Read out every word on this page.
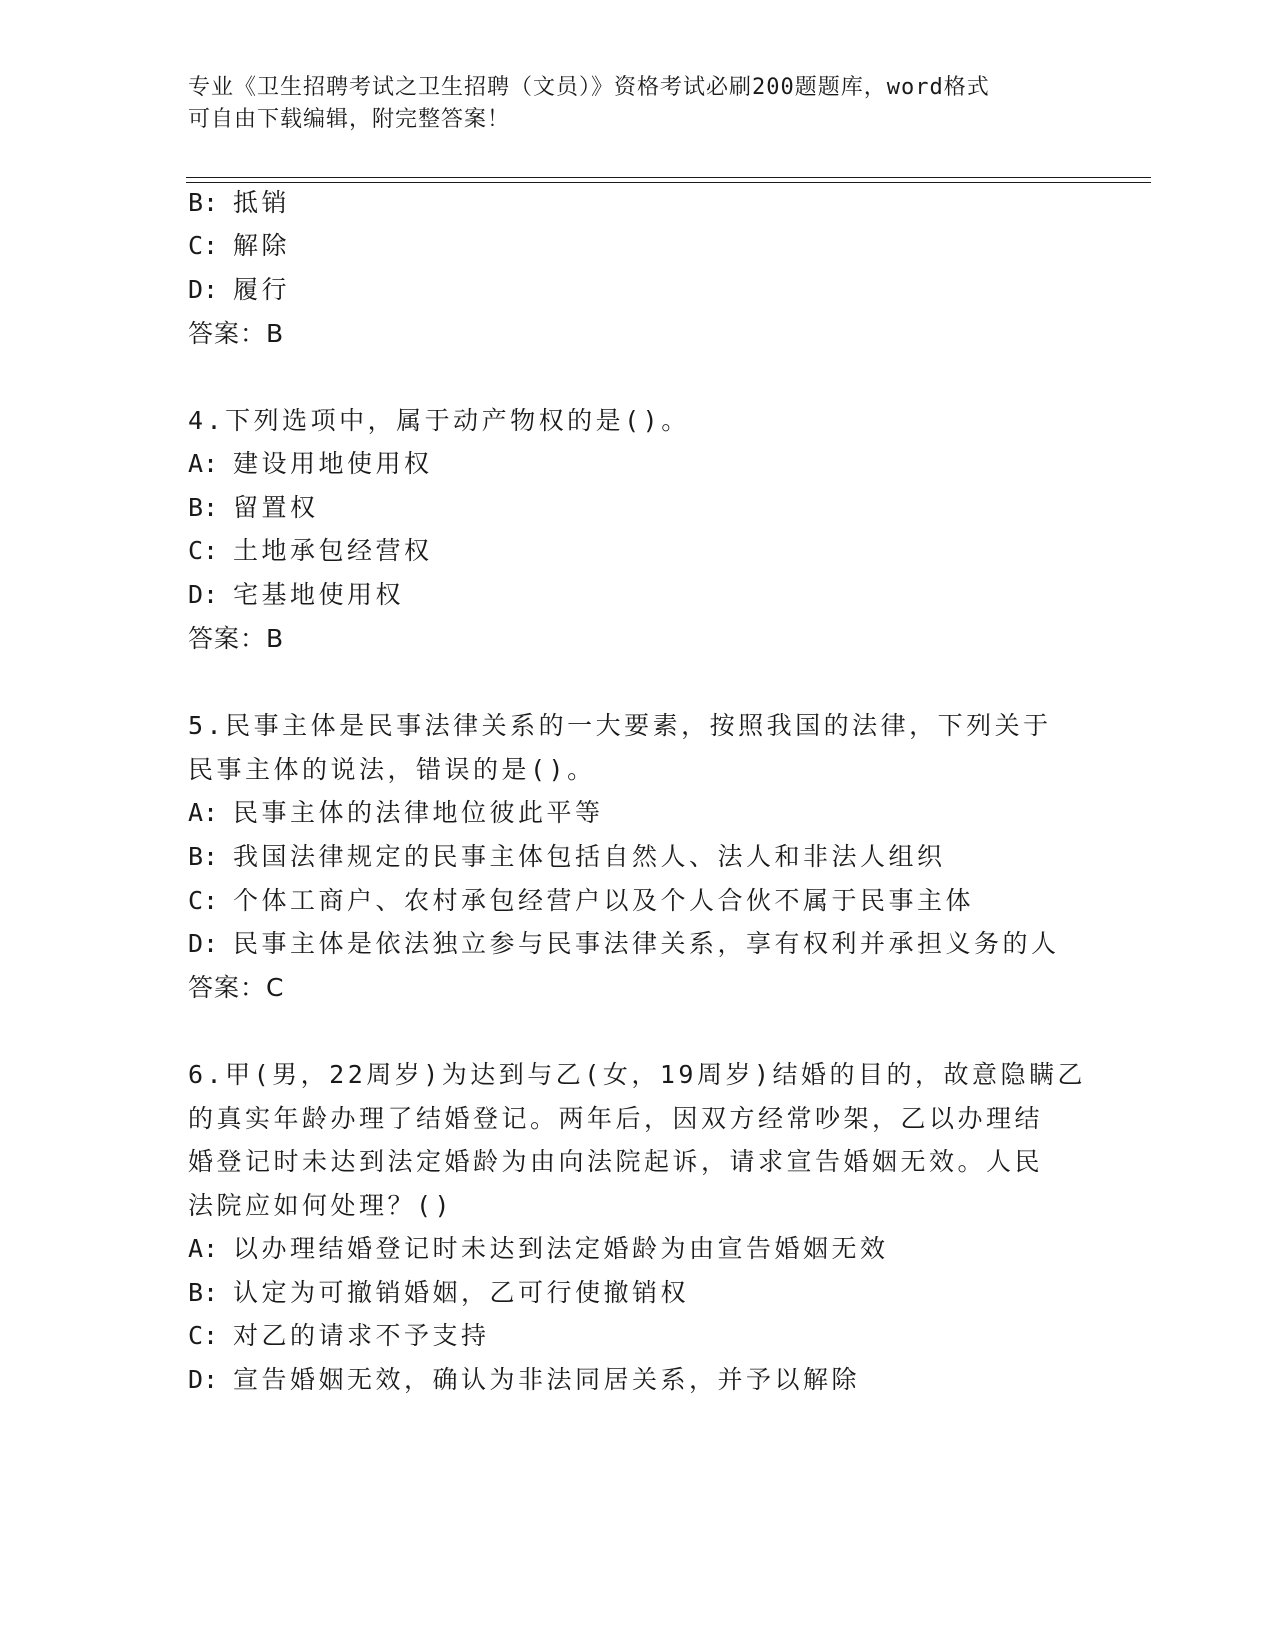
专业《卫生招聘考试之卫生招聘（文员）》资格考试必刷200题题库，word格式
可自由下载编辑，附完整答案！
B: 抵销
C: 解除
D: 履行
答案：B
4.下列选项中，属于动产物权的是()。
A: 建设用地使用权
B: 留置权
C: 土地承包经营权
D: 宅基地使用权
答案：B
5.民事主体是民事法律关系的一大要素，按照我国的法律，下列关于
民事主体的说法，错误的是()。
A: 民事主体的法律地位彼此平等
B: 我国法律规定的民事主体包括自然人、法人和非法人组织
C: 个体工商户、农村承包经营户以及个人合伙不属于民事主体
D: 民事主体是依法独立参与民事法律关系，享有权利并承担义务的人
答案：C
6.甲(男，22周岁)为达到与乙(女，19周岁)结婚的目的，故意隐瞒乙
的真实年龄办理了结婚登记。两年后，因双方经常吵架，乙以办理结
婚登记时未达到法定婚龄为由向法院起诉，请求宣告婚姻无效。人民
法院应如何处理？()
A: 以办理结婚登记时未达到法定婚龄为由宣告婚姻无效
B: 认定为可撤销婚姻，乙可行使撤销权
C: 对乙的请求不予支持
D: 宣告婚姻无效，确认为非法同居关系，并予以解除
